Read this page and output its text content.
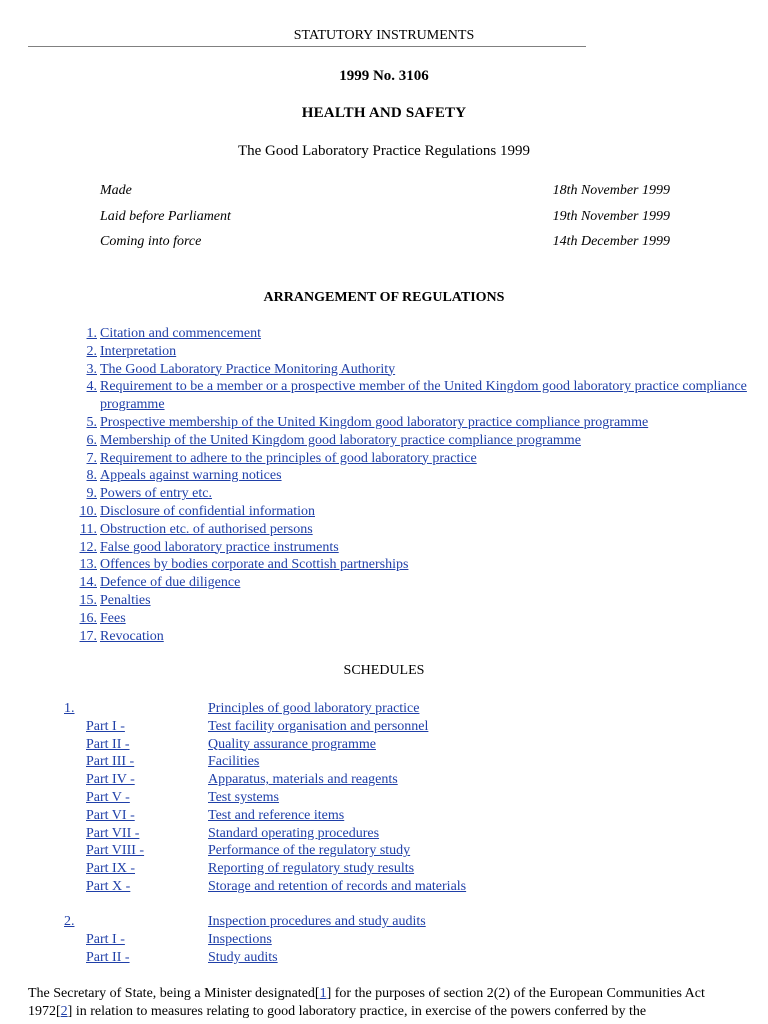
STATUTORY INSTRUMENTS
1999 No. 3106
HEALTH AND SAFETY
The Good Laboratory Practice Regulations 1999
Made	18th November 1999
Laid before Parliament	19th November 1999
Coming into force	14th December 1999
ARRANGEMENT OF REGULATIONS
1. Citation and commencement
2. Interpretation
3. The Good Laboratory Practice Monitoring Authority
4. Requirement to be a member or a prospective member of the United Kingdom good laboratory practice compliance programme
5. Prospective membership of the United Kingdom good laboratory practice compliance programme
6. Membership of the United Kingdom good laboratory practice compliance programme
7. Requirement to adhere to the principles of good laboratory practice
8. Appeals against warning notices
9. Powers of entry etc.
10. Disclosure of confidential information
11. Obstruction etc. of authorised persons
12. False good laboratory practice instruments
13. Offences by bodies corporate and Scottish partnerships
14. Defence of due diligence
15. Penalties
16. Fees
17. Revocation
SCHEDULES
1.	Principles of good laboratory practice
Part I -	Test facility organisation and personnel
Part II -	Quality assurance programme
Part III -	Facilities
Part IV -	Apparatus, materials and reagents
Part V -	Test systems
Part VI -	Test and reference items
Part VII -	Standard operating procedures
Part VIII -	Performance of the regulatory study
Part IX -	Reporting of regulatory study results
Part X -	Storage and retention of records and materials
2.	Inspection procedures and study audits
Part I -	Inspections
Part II -	Study audits
The Secretary of State, being a Minister designated[1] for the purposes of section 2(2) of the European Communities Act 1972[2] in relation to measures relating to good laboratory practice, in exercise of the powers conferred by the
